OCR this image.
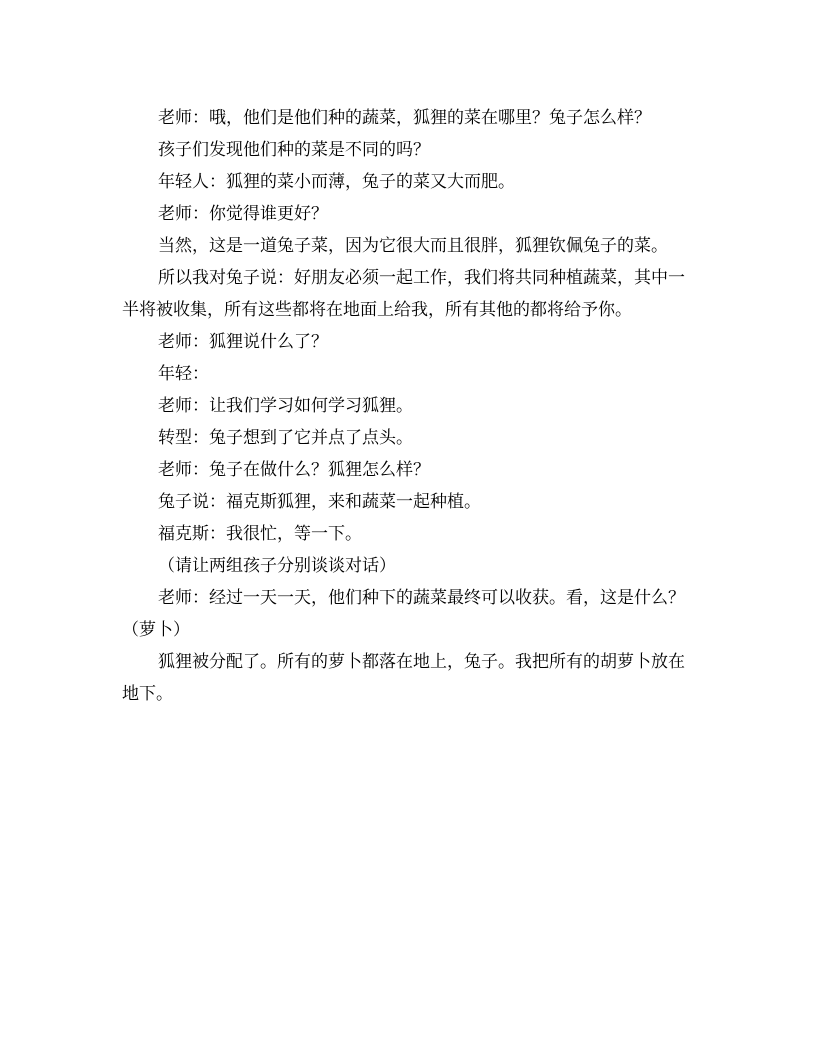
老师：哦，他们是他们种的蔬菜，狐狸的菜在哪里？兔子怎么样？

孩子们发现他们种的菜是不同的吗？

年轻人：狐狸的菜小而薄，兔子的菜又大而肥。

老师：你觉得谁更好？

当然，这是一道兔子菜，因为它很大而且很胖，狐狸钦佩兔子的菜。

所以我对兔子说：好朋友必须一起工作，我们将共同种植蔬菜，其中一半将被收集，所有这些都将在地面上给我，所有其他的都将给予你。

老师：狐狸说什么了？

年轻：

老师：让我们学习如何学习狐狸。

转型：兔子想到了它并点了点头。

老师：兔子在做什么？狐狸怎么样？

兔子说：福克斯狐狸，来和蔬菜一起种植。

福克斯：我很忙，等一下。

（请让两组孩子分别谈谈对话）

老师：经过一天一天，他们种下的蔬菜最终可以收获。看，这是什么？　（萝卜）

狐狸被分配了。所有的萝卜都落在地上，兔子。我把所有的胡萝卜放在地下。
